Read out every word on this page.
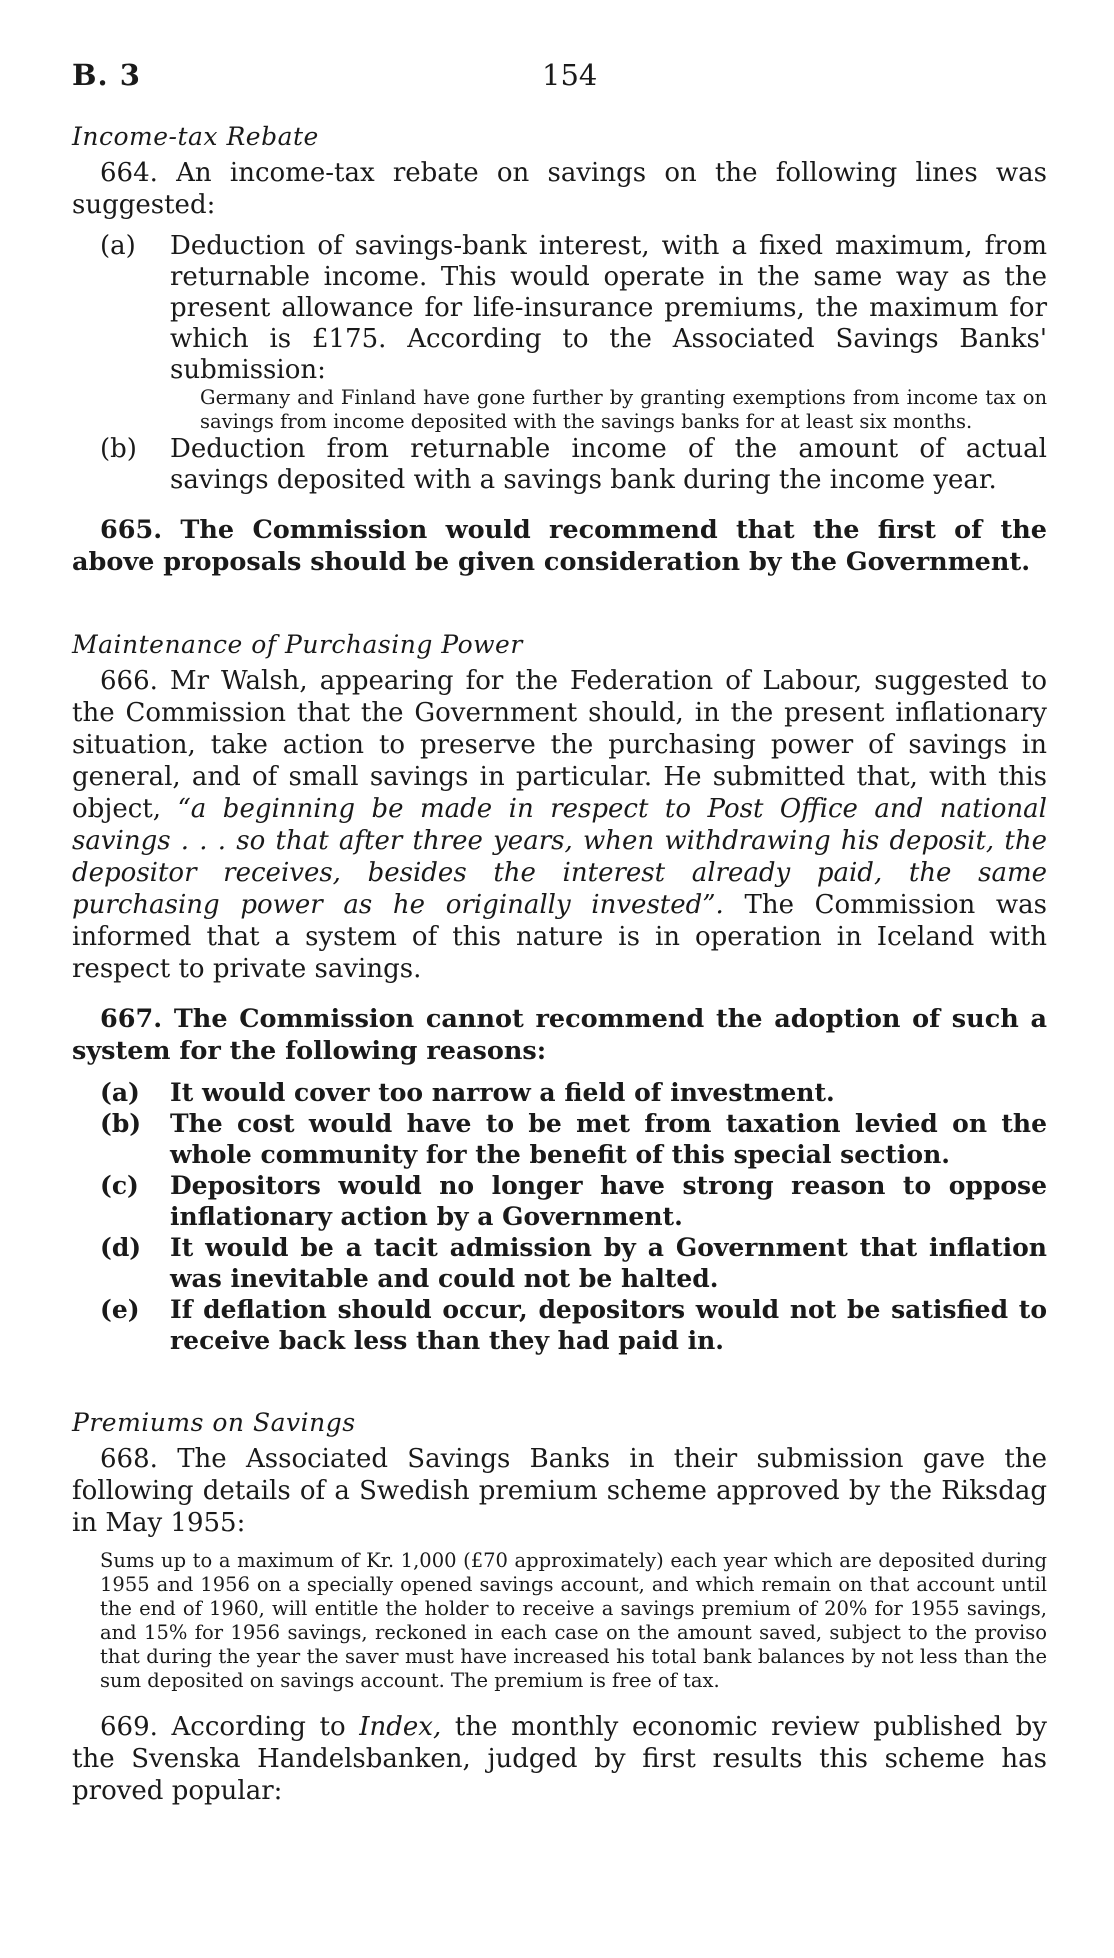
B. 3	154
Income-tax Rebate

664. An income-tax rebate on savings on the following lines was suggested:

(a)	Deduction of savings-bank interest, with a fixed maximum, from returnable income. This would operate in the same way as the present allowance for life-insurance premiums, the maximum for which is £175. According to the Associated Savings Banks' submission:

Germany and Finland have gone further by granting exemptions from income tax on savings from income deposited with the savings banks for at least six months.

(b)	Deduction from returnable income of the amount of actual savings deposited with a savings bank during the income year.

665. The Commission would recommend that the first of the above proposals should be given consideration by the Government.

Maintenance of Purchasing Power

666. Mr Walsh, appearing for the Federation of Labour, suggested to the Commission that the Government should, in the present inflationary situation, take action to preserve the purchasing power of savings in general, and of small savings in particular. He submitted that, with this object, “a beginning be made in respect to Post Office and national savings . . . so that after three years, when withdrawing his deposit, the depositor receives, besides the interest already paid, the same purchasing power as he originally invested”. The Commission was informed that a system of this nature is in operation in Iceland with respect to private savings.

667. The Commission cannot recommend the adoption of such a system for the following reasons:

(a)	It would cover too narrow a field of investment.
(b)	The cost would have to be met from taxation levied on the whole community for the benefit of this special section.
(c)	Depositors would no longer have strong reason to oppose inflationary action by a Government.
(d)	It would be a tacit admission by a Government that inflation was inevitable and could not be halted.
(e)	If deflation should occur, depositors would not be satisfied to receive back less than they had paid in.
Premiums on Savings

668. The Associated Savings Banks in their submission gave the following details of a Swedish premium scheme approved by the Riksdag in May 1955:

Sums up to a maximum of Kr. 1,000 (£70 approximately) each year which are deposited during 1955 and 1956 on a specially opened savings account, and which remain on that account until the end of 1960, will entitle the holder to receive a savings premium of 20% for 1955 savings, and 15% for 1956 savings, reckoned in each case on the amount saved, subject to the proviso that during the year the saver must have increased his total bank balances by not less than the sum deposited on savings account. The premium is free of tax.

669. According to Index, the monthly economic review published by the Svenska Handelsbanken, judged by first results this scheme has proved popular:
